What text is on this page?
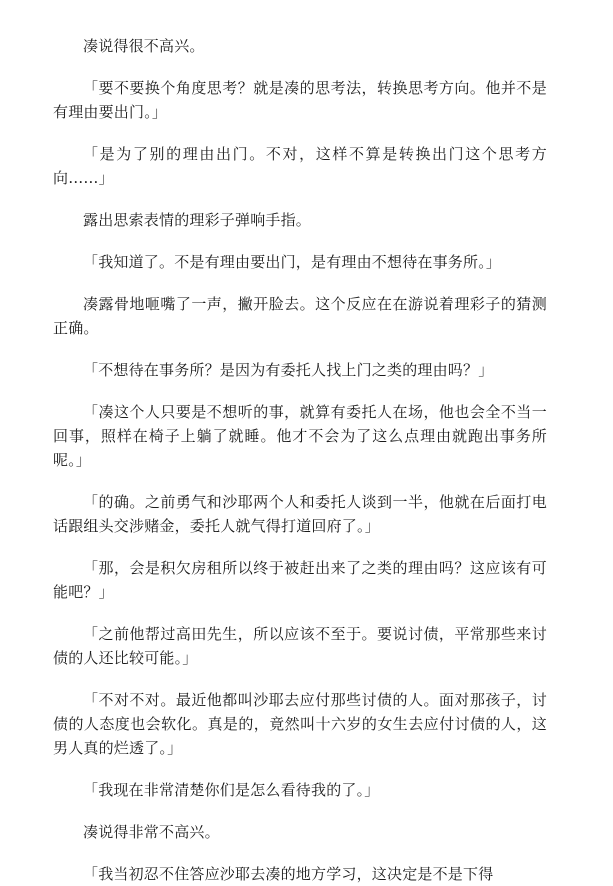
凑说得很不高兴。

「要不要换个角度思考？就是凑的思考法，转换思考方向。他并不是有理由要出门。」

「是为了别的理由出门。不对，这样不算是转换出门这个思考方向……」

露出思索表情的理彩子弹响手指。

「我知道了。不是有理由要出门，是有理由不想待在事务所。」

凑露骨地咂嘴了一声，撇开脸去。这个反应在在游说着理彩子的猜测正确。

「不想待在事务所？是因为有委托人找上门之类的理由吗？」

「凑这个人只要是不想听的事，就算有委托人在场，他也会全不当一回事，照样在椅子上躺了就睡。他才不会为了这么点理由就跑出事务所呢。」

「的确。之前勇气和沙耶两个人和委托人谈到一半，他就在后面打电话跟组头交涉赌金，委托人就气得打道回府了。」

「那，会是积欠房租所以终于被赶出来了之类的理由吗？这应该有可能吧？」

「之前他帮过高田先生，所以应该不至于。要说讨债，平常那些来讨债的人还比较可能。」

「不对不对。最近他都叫沙耶去应付那些讨债的人。面对那孩子，讨债的人态度也会软化。真是的，竟然叫十六岁的女生去应付讨债的人，这男人真的烂透了。」

「我现在非常清楚你们是怎么看待我的了。」

凑说得非常不高兴。

「我当初忍不住答应沙耶去凑的地方学习，这决定是不是下得
